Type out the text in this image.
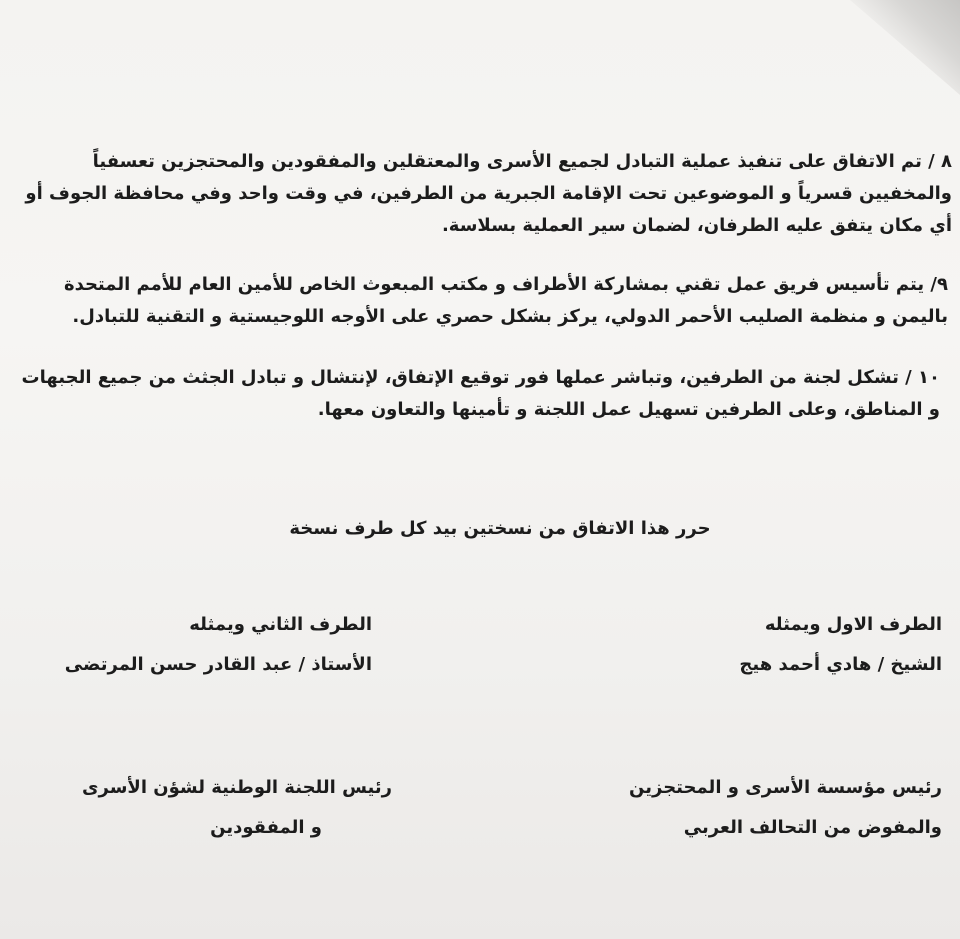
٨ / تم الاتفاق على تنفيذ عملية التبادل لجميع الأسرى والمعتقلين والمفقودين والمحتجزين تعسفياً

والمخفيين قسرياً و الموضوعين تحت الإقامة الجبرية من الطرفين، في وقت واحد وفي محافظة الجوف أو

أي مكان يتفق عليه الطرفان، لضمان سير العملية بسلاسة.

٩/ يتم تأسيس فريق عمل تقني بمشاركة الأطراف و مكتب المبعوث الخاص للأمين العام للأمم المتحدة

باليمن و منظمة الصليب الأحمر الدولي، يركز بشكل حصري على الأوجه اللوجيستية و التقنية للتبادل.

١٠ / تشكل لجنة من الطرفين، وتباشر عملها فور توقيع الإتفاق، لإنتشال و تبادل الجثث من جميع الجبهات

و المناطق، وعلى الطرفين تسهيل عمل اللجنة و تأمينها والتعاون معها.

حرر هذا الاتفاق من نسختين بيد كل طرف نسخة
الطرف الاول ويمثله
الشيخ / هادي أحمد هيج
الطرف الثاني ويمثله
الأستاذ / عبد القادر حسن المرتضى
رئيس مؤسسة الأسرى و المحتجزين
والمفوض من التحالف العربي
رئيس اللجنة الوطنية لشؤن الأسرى
و المفقودين
